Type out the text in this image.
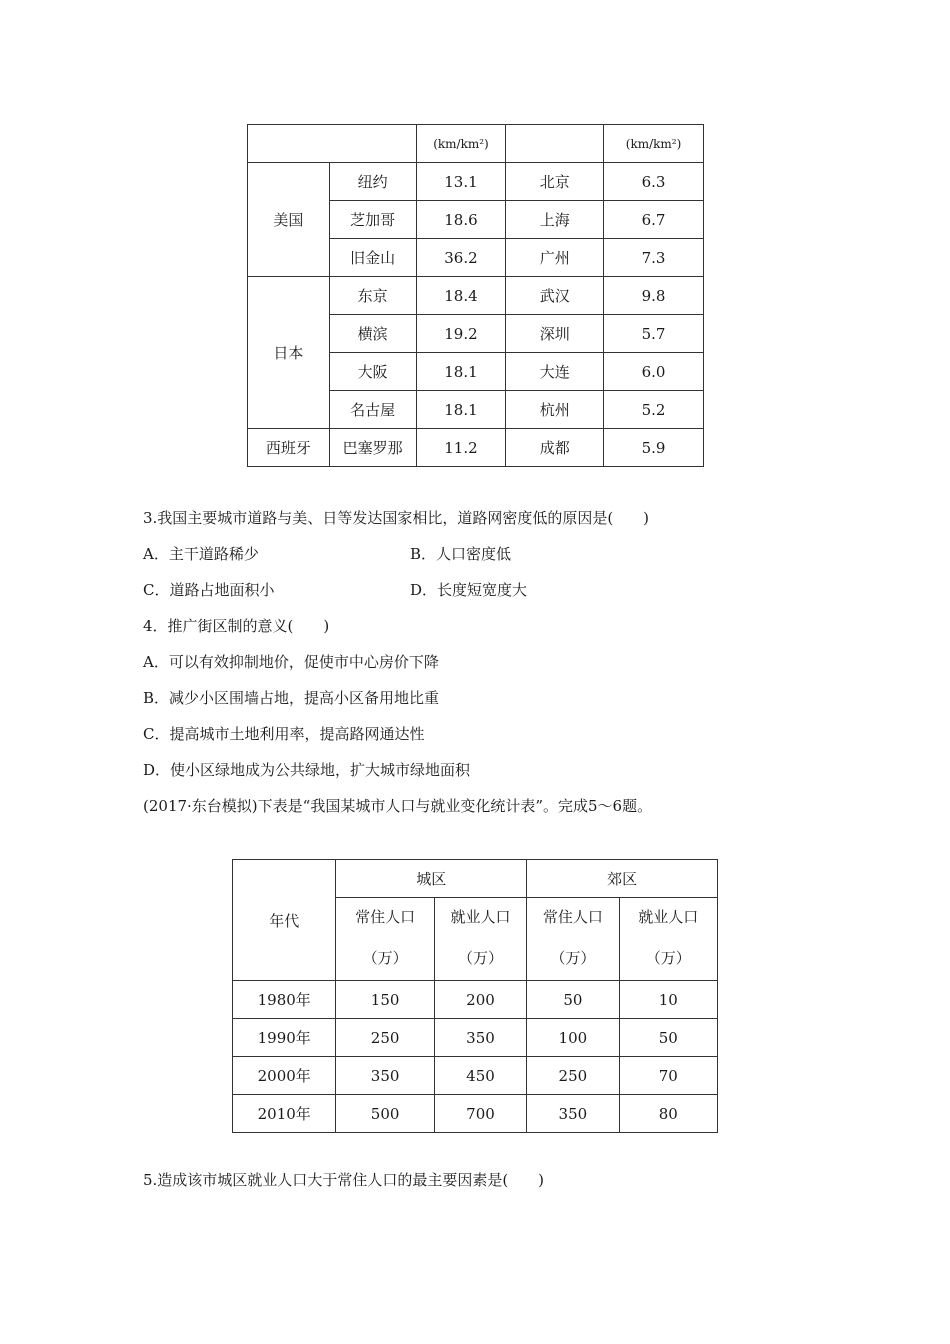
		(km/km²)		(km/km²)
美国	纽约	13.1	北京	6.3
	芝加哥	18.6	上海	6.7
	旧金山	36.2	广州	7.3
日本	东京	18.4	武汉	9.8
	横滨	19.2	深圳	5.7
	大阪	18.1	大连	6.0
	名古屋	18.1	杭州	5.2
西班牙	巴塞罗那	11.2	成都	5.9
3.我国主要城市道路与美、日等发达国家相比，道路网密度低的原因是(　　)
A．主干道路稀少	B．人口密度低
C．道路占地面积小	D．长度短宽度大
4．推广街区制的意义(　　)
A．可以有效抑制地价，促使市中心房价下降
B．减少小区围墙占地，提高小区备用地比重
C．提高城市土地利用率，提高路网通达性
D．使小区绿地成为公共绿地，扩大城市绿地面积
(2017·东台模拟)下表是“我国某城市人口与就业变化统计表”。完成5～6题。
年代	城区		郊区	
	常住人口	就业人口	常住人口	就业人口
	（万）	（万）	（万）	（万）
1980年	150	200	50	10
1990年	250	350	100	50
2000年	350	450	250	70
2010年	500	700	350	80
5.造成该市城区就业人口大于常住人口的最主要因素是(　　)
